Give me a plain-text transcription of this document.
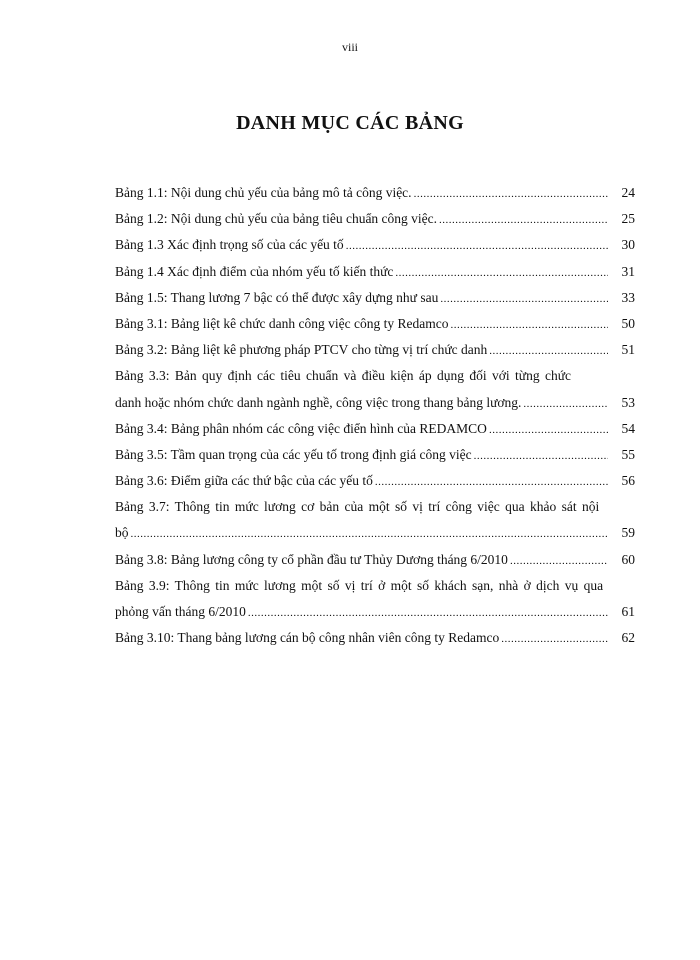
viii
DANH MỤC CÁC BẢNG
Bảng 1.1: Nội dung chủ yếu của bảng mô tả công việc. .....	24
Bảng 1.2: Nội dung chủ yếu của bảng tiêu chuẩn công việc. .....	25
Bảng 1.3 Xác định trọng số của các yếu tố .....	30
Bảng 1.4 Xác định điểm của nhóm yếu tố kiến thức .....	31
Bảng 1.5: Thang lương 7 bậc có thể được xây dựng như sau .....	33
Bảng 3.1: Bảng liệt kê chức danh công việc công ty Redamco .....	50
Bảng 3.2: Bảng liệt kê phương pháp PTCV cho từng vị trí chức danh .....	51
Bảng 3.3: Bản quy định các tiêu chuẩn và điều kiện áp dụng đối với từng chức
danh hoặc nhóm chức danh ngành nghề, công việc trong thang bảng lương. .....	53
Bảng 3.4: Bảng phân nhóm các công việc điển hình của REDAMCO .....	54
Bảng 3.5: Tầm quan trọng của các yếu tố trong định giá công việc .....	55
Bảng 3.6: Điểm giữa các thứ bậc của các yếu tố .....	56
Bảng 3.7: Thông tin mức lương cơ bản của một số vị trí công việc qua khảo sát nội
bộ .....	59
Bảng 3.8: Bảng lương công ty cổ phần đầu tư Thủy Dương tháng 6/2010 .....	60
Bảng 3.9: Thông tin mức lương một số vị trí ở một số khách sạn, nhà ở dịch vụ qua
phỏng vấn tháng 6/2010 .....	61
Bảng 3.10: Thang bảng lương cán bộ công nhân viên công ty Redamco .....	62
